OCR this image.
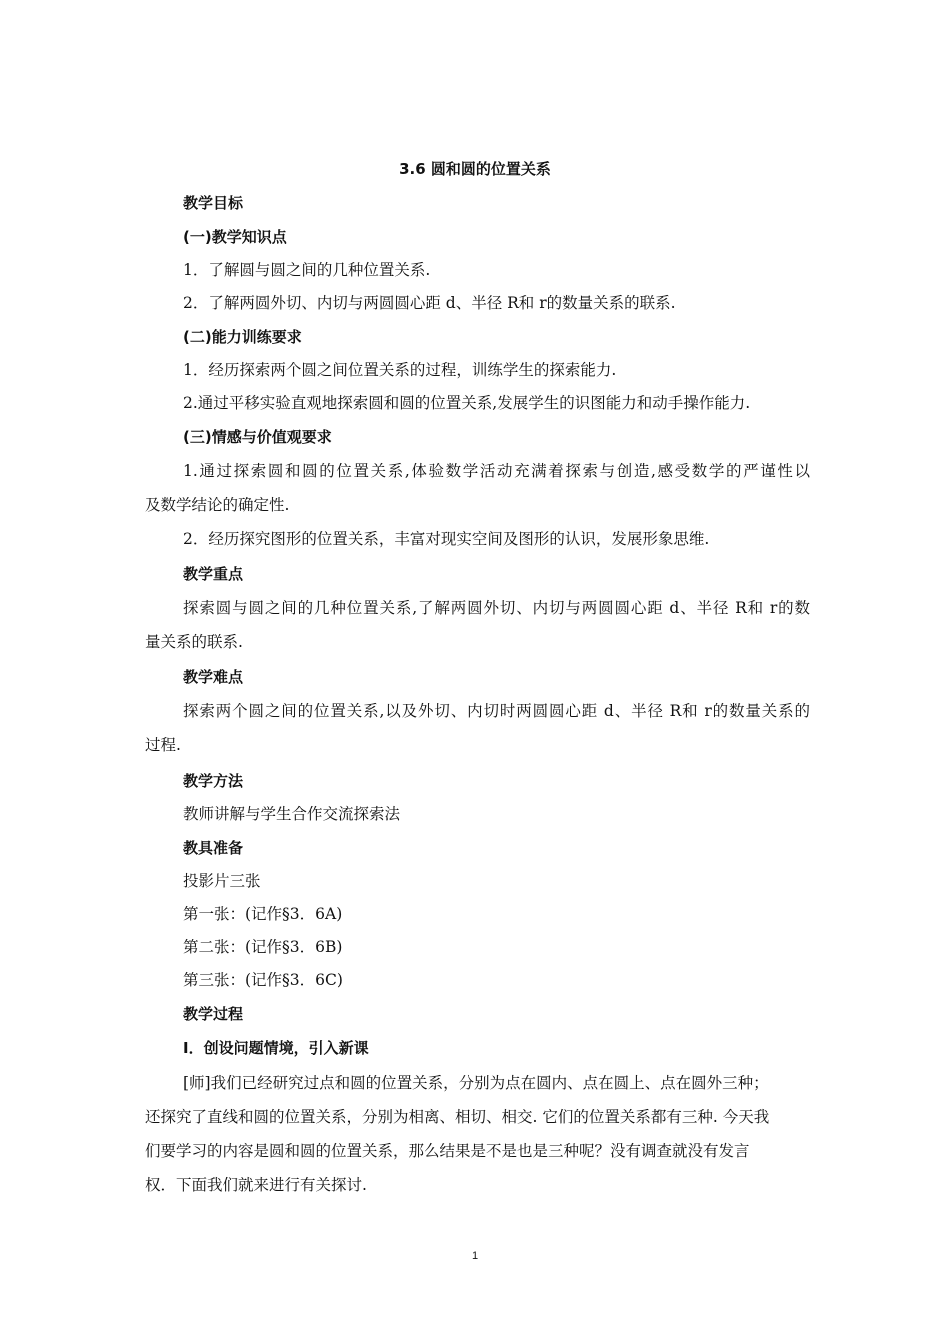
3.6 圆和圆的位置关系
教学目标
(一)教学知识点
1．了解圆与圆之间的几种位置关系.
2．了解两圆外切、内切与两圆圆心距 d、半径 R和 r的数量关系的联系.
(二)能力训练要求
1．经历探索两个圆之间位置关系的过程，训练学生的探索能力.
2.通过平移实验直观地探索圆和圆的位置关系,发展学生的识图能力和动手操作能力.
(三)情感与价值观要求
1.通过探索圆和圆的位置关系,体验数学活动充满着探索与创造,感受数学的严谨性以
及数学结论的确定性.
2．经历探究图形的位置关系，丰富对现实空间及图形的认识，发展形象思维.
教学重点
探索圆与圆之间的几种位置关系,了解两圆外切、内切与两圆圆心距 d、半径 R和 r的数
量关系的联系.
教学难点
探索两个圆之间的位置关系,以及外切、内切时两圆圆心距 d、半径 R和 r的数量关系的
过程.
教学方法
教师讲解与学生合作交流探索法
教具准备
投影片三张
第一张：(记作§3．6A)
第二张：(记作§3．6B)
第三张：(记作§3．6C)
教学过程
Ⅰ．创设问题情境，引入新课
[师]我们已经研究过点和圆的位置关系，分别为点在圆内、点在圆上、点在圆外三种；
还探究了直线和圆的位置关系，分别为相离、相切、相交. 它们的位置关系都有三种. 今天我
们要学习的内容是圆和圆的位置关系，那么结果是不是也是三种呢？没有调查就没有发言
权．下面我们就来进行有关探讨.
1
